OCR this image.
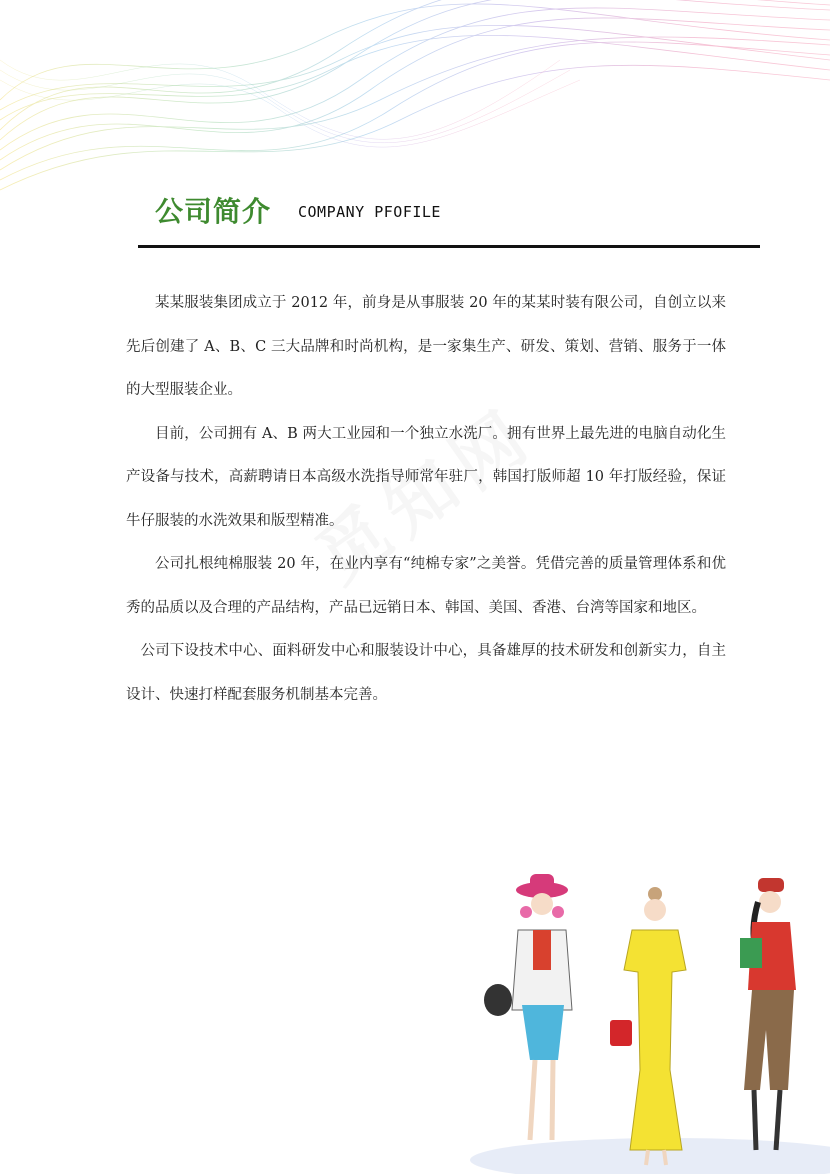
公司简介 COMPANY PFOFILE

某某服装集团成立于 2012 年，前身是从事服装 20 年的某某时装有限公司，自创立以来先后创建了 A、B、C 三大品牌和时尚机构，是一家集生产、研发、策划、营销、服务于一体的大型服装企业。

目前，公司拥有 A、B 两大工业园和一个独立水洗厂。拥有世界上最先进的电脑自动化生产设备与技术，高薪聘请日本高级水洗指导师常年驻厂，韩国打版师超 10 年打版经验，保证牛仔服装的水洗效果和版型精准。

公司扎根纯棉服装 20 年，在业内享有“纯棉专家”之美誉。凭借完善的质量管理体系和优秀的品质以及合理的产品结构，产品已远销日本、韩国、美国、香港、台湾等国家和地区。

公司下设技术中心、面料研发中心和服装设计中心，具备雄厚的技术研发和创新实力，自主设计、快速打样配套服务机制基本完善。
